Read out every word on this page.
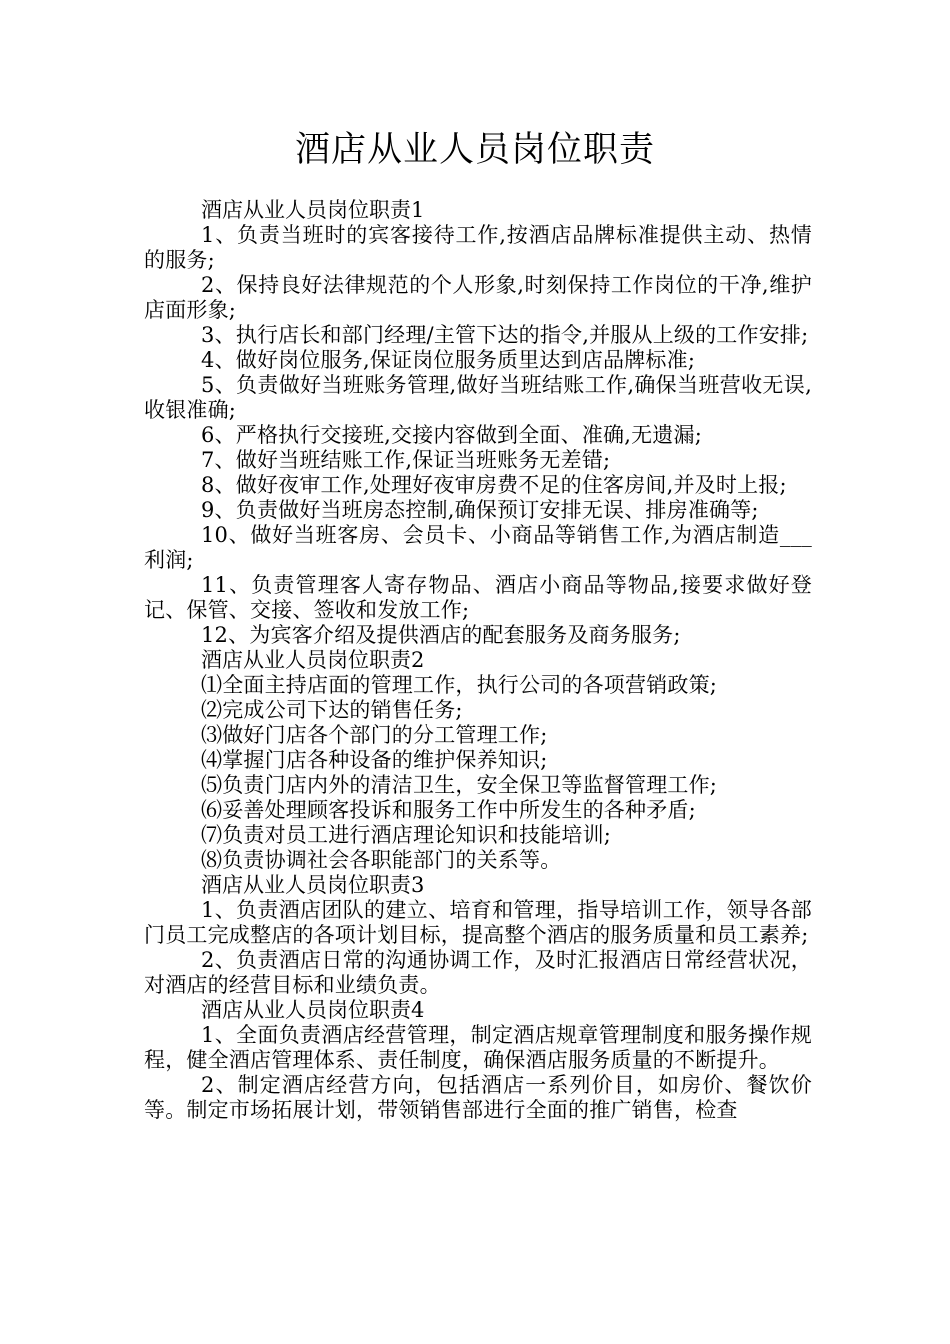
酒店从业人员岗位职责

酒店从业人员岗位职责1

1、负责当班时的宾客接待工作,按酒店品牌标准提供主动、热情的服务;

2、保持良好法律规范的个人形象,时刻保持工作岗位的干净,维护店面形象;

3、执行店长和部门经理/主管下达的指令,并服从上级的工作安排;

4、做好岗位服务,保证岗位服务质里达到店品牌标准;

5、负责做好当班账务管理,做好当班结账工作,确保当班营收无误,收银准确;

6、严格执行交接班,交接内容做到全面、准确,无遗漏;

7、做好当班结账工作,保证当班账务无差错;

8、做好夜审工作,处理好夜审房费不足的住客房间,并及时上报;

9、负责做好当班房态控制,确保预订安排无误、排房准确等;

10、做好当班客房、会员卡、小商品等销售工作,为酒店制造___利润;

11、负责管理客人寄存物品、酒店小商品等物品,接要求做好登记、保管、交接、签收和发放工作;

12、为宾客介绍及提供酒店的配套服务及商务服务;

酒店从业人员岗位职责2

⑴全面主持店面的管理工作，执行公司的各项营销政策;

⑵完成公司下达的销售任务;

⑶做好门店各个部门的分工管理工作;

⑷掌握门店各种设备的维护保养知识;

⑸负责门店内外的清洁卫生，安全保卫等监督管理工作;

⑹妥善处理顾客投诉和服务工作中所发生的各种矛盾;

⑺负责对员工进行酒店理论知识和技能培训;

⑻负责协调社会各职能部门的关系等。

酒店从业人员岗位职责3

1、负责酒店团队的建立、培育和管理，指导培训工作，领导各部门员工完成整店的各项计划目标，提高整个酒店的服务质量和员工素养;

2、负责酒店日常的沟通协调工作，及时汇报酒店日常经营状况，对酒店的经营目标和业绩负责。

酒店从业人员岗位职责4

1、全面负责酒店经营管理，制定酒店规章管理制度和服务操作规程，健全酒店管理体系、责任制度，确保酒店服务质量的不断提升。

2、制定酒店经营方向，包括酒店一系列价目，如房价、餐饮价等。制定市场拓展计划，带领销售部进行全面的推广销售，检查
